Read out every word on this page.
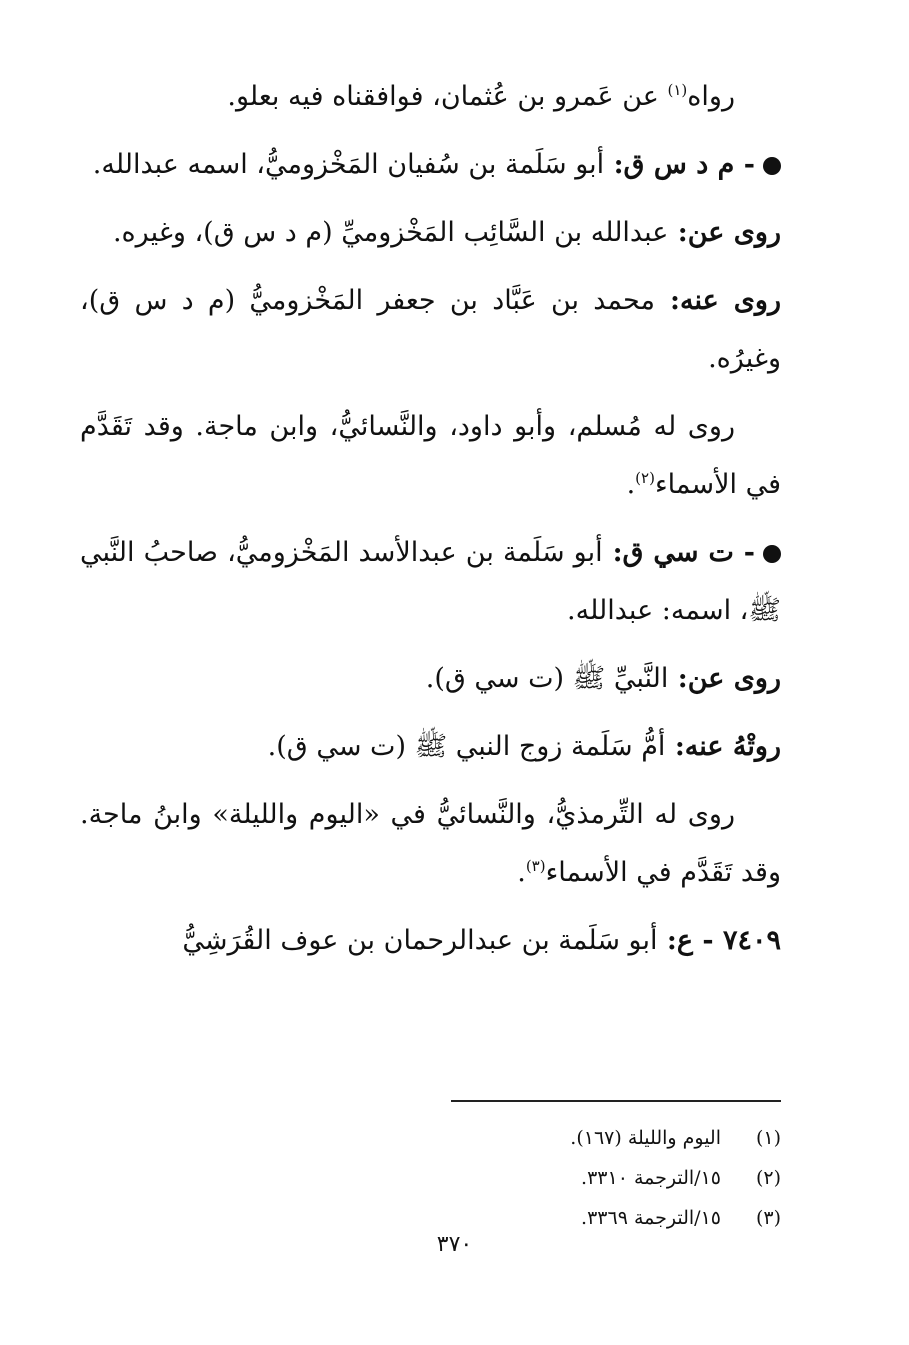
رواه$^{(١)}$ عن عَمرو بن عُثمان، فوافقناه فيه بعلو.

- م د س ق: أبو سَلَمة بن سُفيان المَخْزوميُّ، اسمه عبدالله.

روى عن: عبدالله بن السَّائِب المَخْزوميِّ (م د س ق)، وغيره.

روى عنه: محمد بن عَبَّاد بن جعفر المَخْزوميُّ (م د س ق)، وغيرُه.

روى له مُسلم، وأبو داود، والنَّسائيُّ، وابن ماجة. وقد تَقَدَّم في الأسماء$^{(٢)}$.

- ت سي ق: أبو سَلَمة بن عبدالأسد المَخْزوميُّ، صاحبُ النَّبي ﷺ، اسمه: عبدالله.

روى عن: النَّبيِّ ﷺ (ت سي ق).

روتْهُ عنه: أمُّ سَلَمة زوج النبي ﷺ (ت سي ق).

روى له التِّرمذيُّ، والنَّسائيُّ في «اليوم والليلة» وابنُ ماجة. وقد تَقَدَّم في الأسماء$^{(٣)}$.

٧٤٠٩ - ع: أبو سَلَمة بن عبدالرحمان بن عوف القُرَشِيُّ

(١)
اليوم والليلة (١٦٧).
(٢)
١٥/الترجمة ٣٣١٠.
(٣)
١٥/الترجمة ٣٣٦٩.
٣٧٠
